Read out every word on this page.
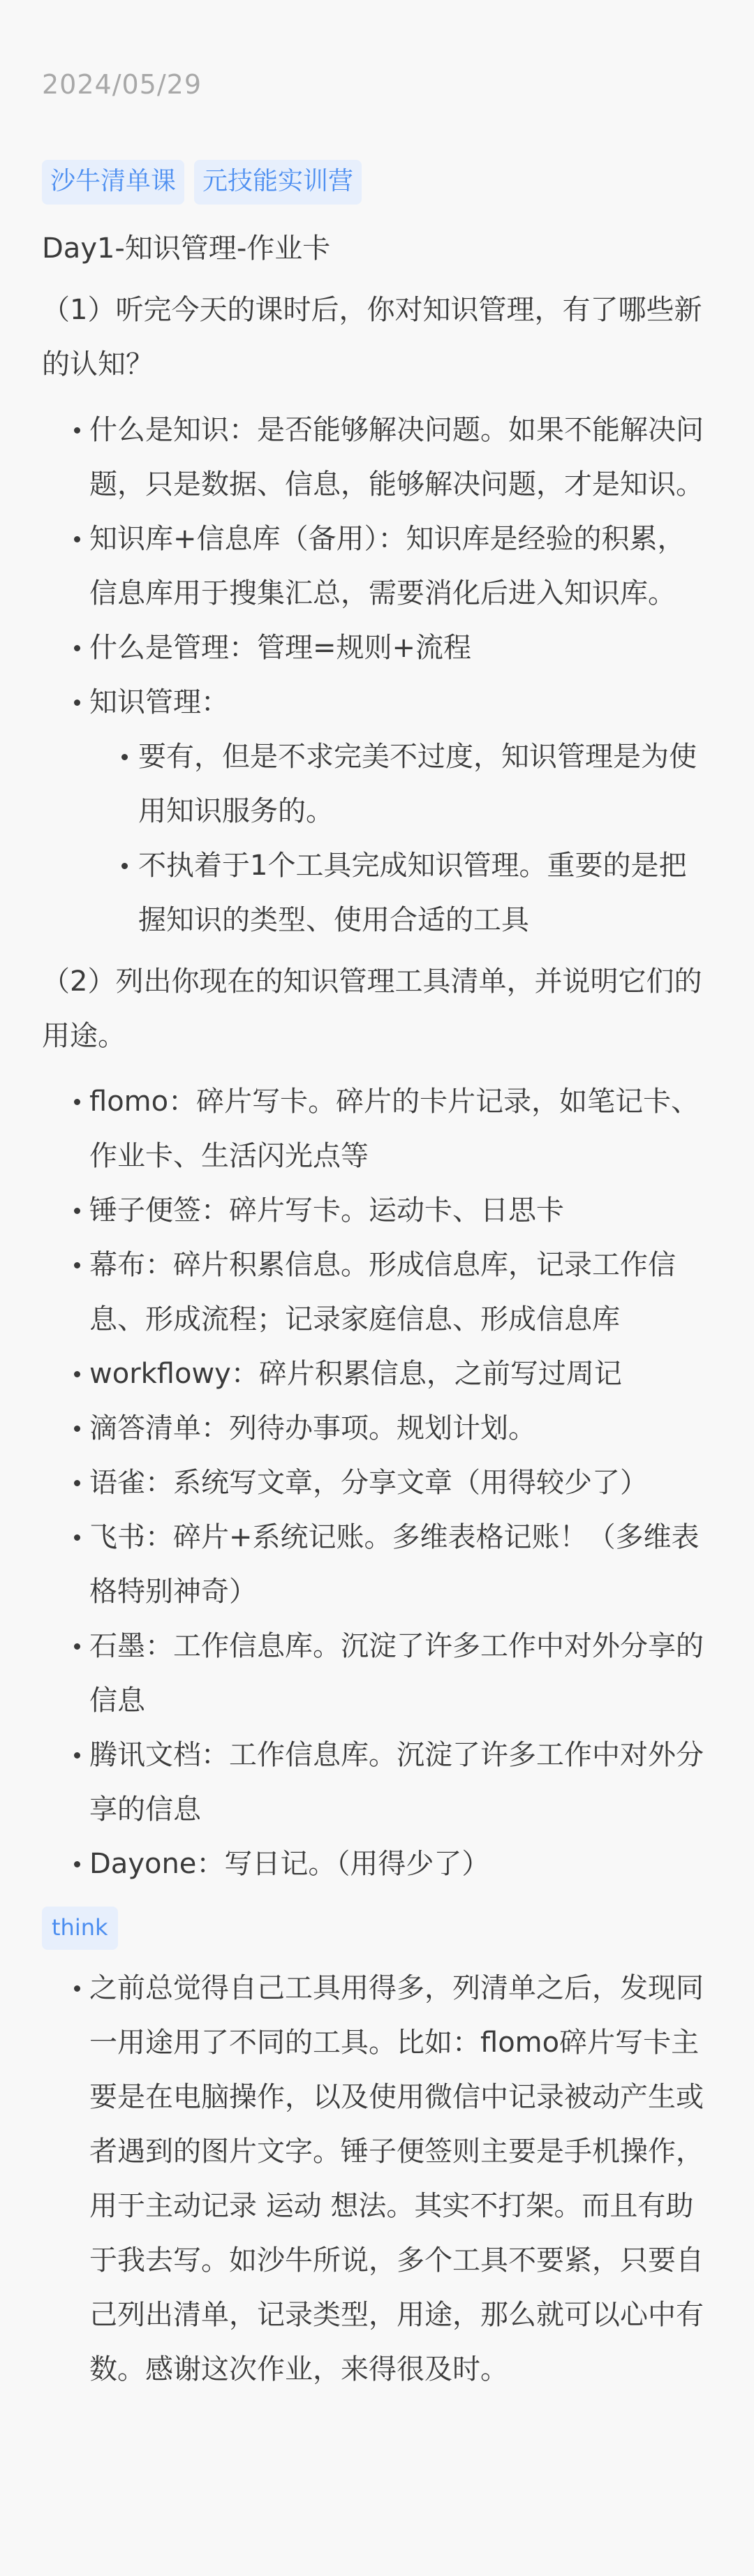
2024/05/29
沙牛清单课	元技能实训营
Day1-知识管理-作业卡
（1）听完今天的课时后，你对知识管理，有了哪些新的认知？
什么是知识：是否能够解决问题。如果不能解决问题，只是数据、信息，能够解决问题，才是知识。
知识库+信息库（备用）：知识库是经验的积累，信息库用于搜集汇总，需要消化后进入知识库。
什么是管理：管理=规则+流程
知识管理：
要有，但是不求完美不过度，知识管理是为使用知识服务的。
不执着于1个工具完成知识管理。重要的是把握知识的类型、使用合适的工具
（2）列出你现在的知识管理工具清单，并说明它们的用途。
flomo：碎片写卡。碎片的卡片记录，如笔记卡、作业卡、生活闪光点等
锤子便签：碎片写卡。运动卡、日思卡
幕布：碎片积累信息。形成信息库，记录工作信息、形成流程；记录家庭信息、形成信息库
workflowy：碎片积累信息，之前写过周记
滴答清单：列待办事项。规划计划。
语雀：系统写文章，分享文章（用得较少了）
飞书：碎片+系统记账。多维表格记账！（多维表格特别神奇）
石墨：工作信息库。沉淀了许多工作中对外分享的信息
腾讯文档：工作信息库。沉淀了许多工作中对外分享的信息
Dayone：写日记。（用得少了）
think
之前总觉得自己工具用得多，列清单之后，发现同一用途用了不同的工具。比如：flomo碎片写卡主要是在电脑操作，以及使用微信中记录被动产生或者遇到的图片文字。锤子便签则主要是手机操作，用于主动记录 运动 想法。其实不打架。而且有助于我去写。如沙牛所说，多个工具不要紧，只要自己列出清单，记录类型，用途，那么就可以心中有数。感谢这次作业，来得很及时。
